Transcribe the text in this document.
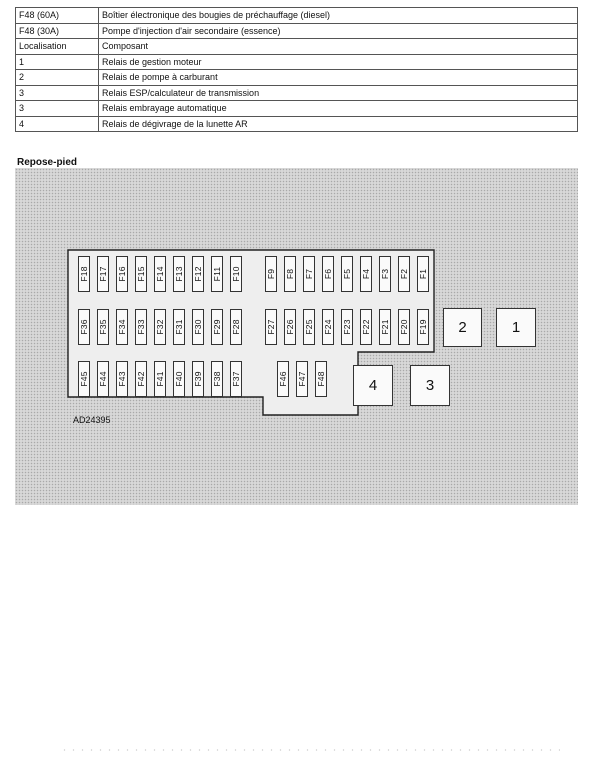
F48 (60A)	Boîtier électronique des bougies de préchauffage (diesel)
F48 (30A)	Pompe d'injection d'air secondaire (essence)
Localisation	Composant
1	Relais de gestion moteur
2	Relais de pompe à carburant
3	Relais ESP/calculateur de transmission
3	Relais embrayage automatique
4	Relais de dégivrage de la lunette AR
Repose-pied
F18 F17 F16 F15 F14 F13 F12 F11 F10	F9 F8 F7 F6 F5 F4 F3 F2 F1
F36 F35 F34 F33 F32 F31 F30 F29 F28	F27 F26 F25 F24 F23 F22 F21 F20 F19
F45 F44 F43 F42 F41 F40 F39 F38 F37	F46 F47 F48
2	1
4	3
AD24395
